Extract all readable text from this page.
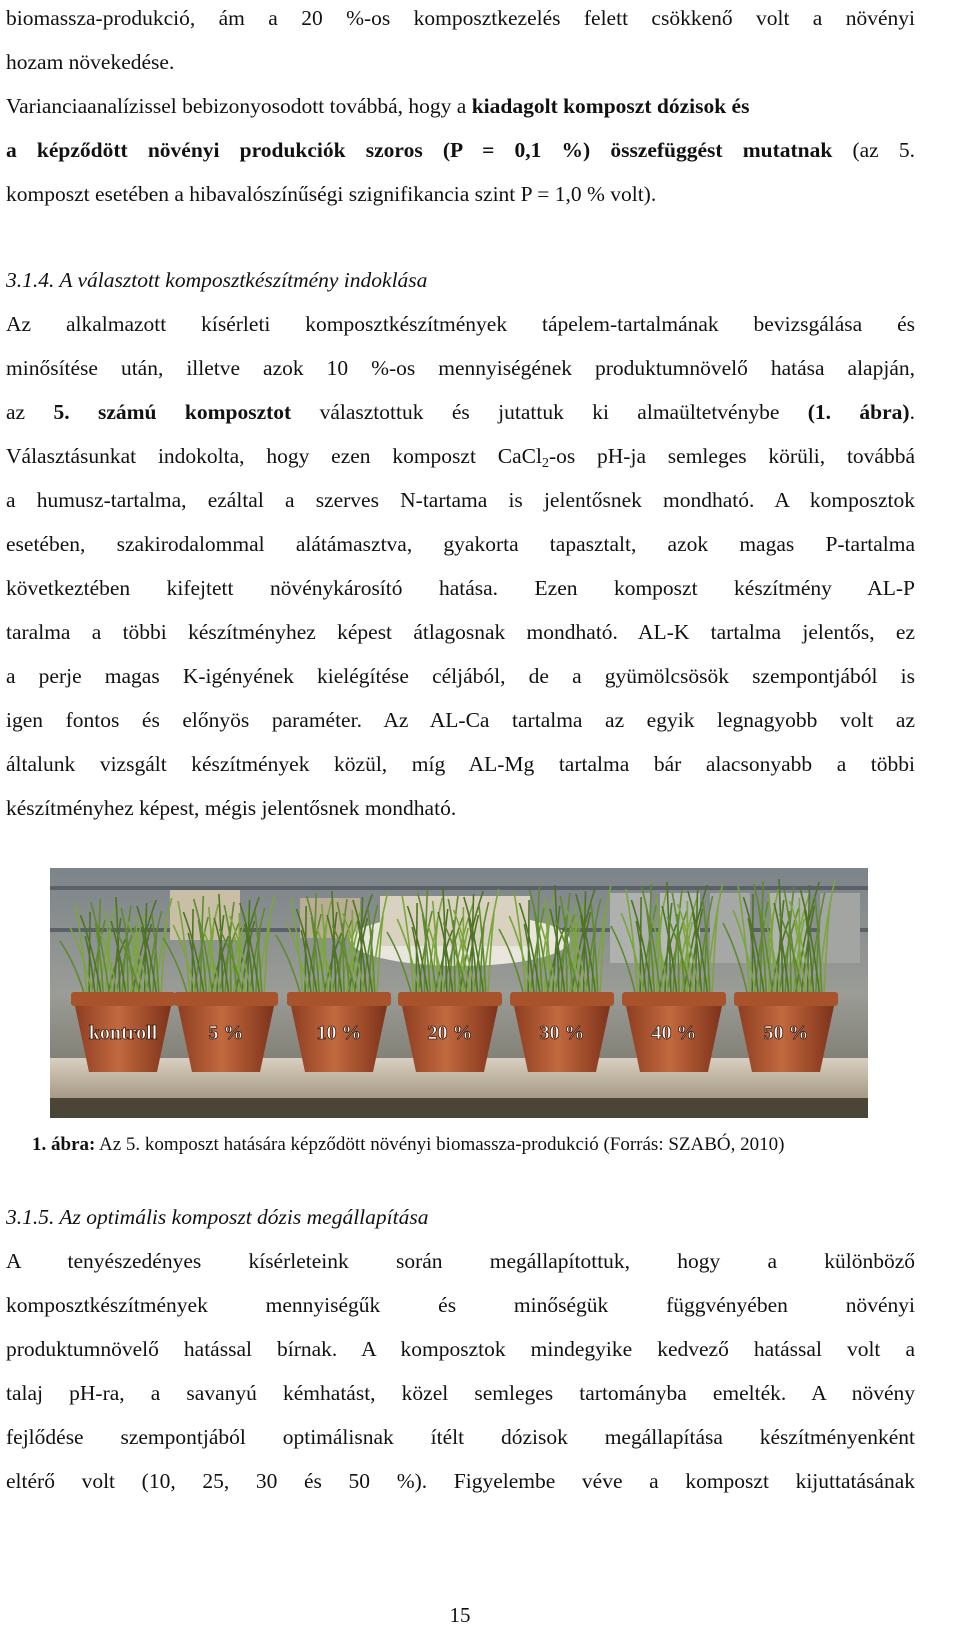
biomassza-produkció, ám a 20 %-os komposztkezelés felett csökkenő volt a növényi
hozam növekedése.
Varianciaanalízissel bebizonyosodott továbbá, hogy a kiadagolt komposzt dózisok és
a képződött növényi produkciók szoros (P = 0,1 %) összefüggést mutatnak (az 5.
komposzt esetében a hibavalószínűségi szignifikancia szint P = 1,0 % volt).
3.1.4. A választott komposztkészítmény indoklása
Az alkalmazott kísérleti komposztkészítmények tápelem-tartalmának bevizsgálása és
minősítése után, illetve azok 10 %-os mennyiségének produktumnövelő hatása alapján,
az 5. számú komposztot választottuk és jutattuk ki almaültetvénybe (1. ábra).
Választásunkat indokolta, hogy ezen komposzt CaCl$_2$-os pH-ja semleges körüli, továbbá
a humusz-tartalma, ezáltal a szerves N-tartama is jelentősnek mondható. A komposztok
esetében, szakirodalommal alátámasztva, gyakorta tapasztalt, azok magas P-tartalma
következtében kifejtett növénykárosító hatása. Ezen komposzt készítmény AL-P
taralma a többi készítményhez képest átlagosnak mondható. AL-K tartalma jelentős, ez
a perje magas K-igényének kielégítése céljából, de a gyümölcsösök szempontjából is
igen fontos és előnyös paraméter. Az AL-Ca tartalma az egyik legnagyobb volt az
általunk vizsgált készítmények közül, míg AL-Mg tartalma bár alacsonyabb a többi
készítményhez képest, mégis jelentősnek mondható.
kontroll	5 %	10 %	20 %	30 %	40 %	50 %
1. ábra: Az 5. komposzt hatására képződött növényi biomassza-produkció (Forrás: SZABÓ, 2010)
3.1.5. Az optimális komposzt dózis megállapítása
A tenyészedényes kísérleteink során megállapítottuk, hogy a különböző
komposztkészítmények mennyiségűk és minőségük függvényében növényi
produktumnövelő hatással bírnak. A komposztok mindegyike kedvező hatással volt a
talaj pH-ra, a savanyú kémhatást, közel semleges tartományba emelték. A növény
fejlődése szempontjából optimálisnak ítélt dózisok megállapítása készítményenként
eltérő volt (10, 25, 30 és 50 %). Figyelembe véve a komposzt kijuttatásának
15
